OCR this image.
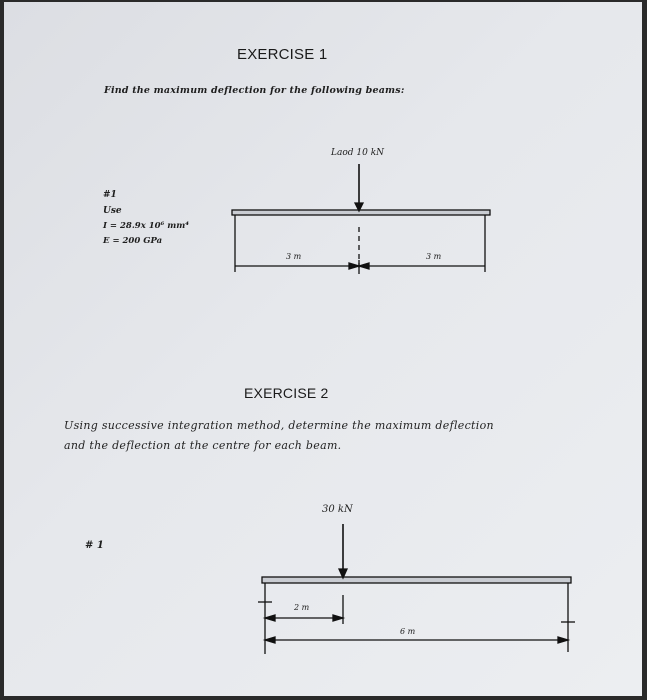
EXERCISE 1
Find the maximum deflection for the following beams:
Laod 10 kN
#1
Use
I = 28.9x 10⁶ mm⁴
E = 200 GPa
3 m	3 m
EXERCISE 2
Using successive integration method, determine the maximum deflection
and the deflection at the centre for each beam.
30 kN
# 1
2 m
6 m
